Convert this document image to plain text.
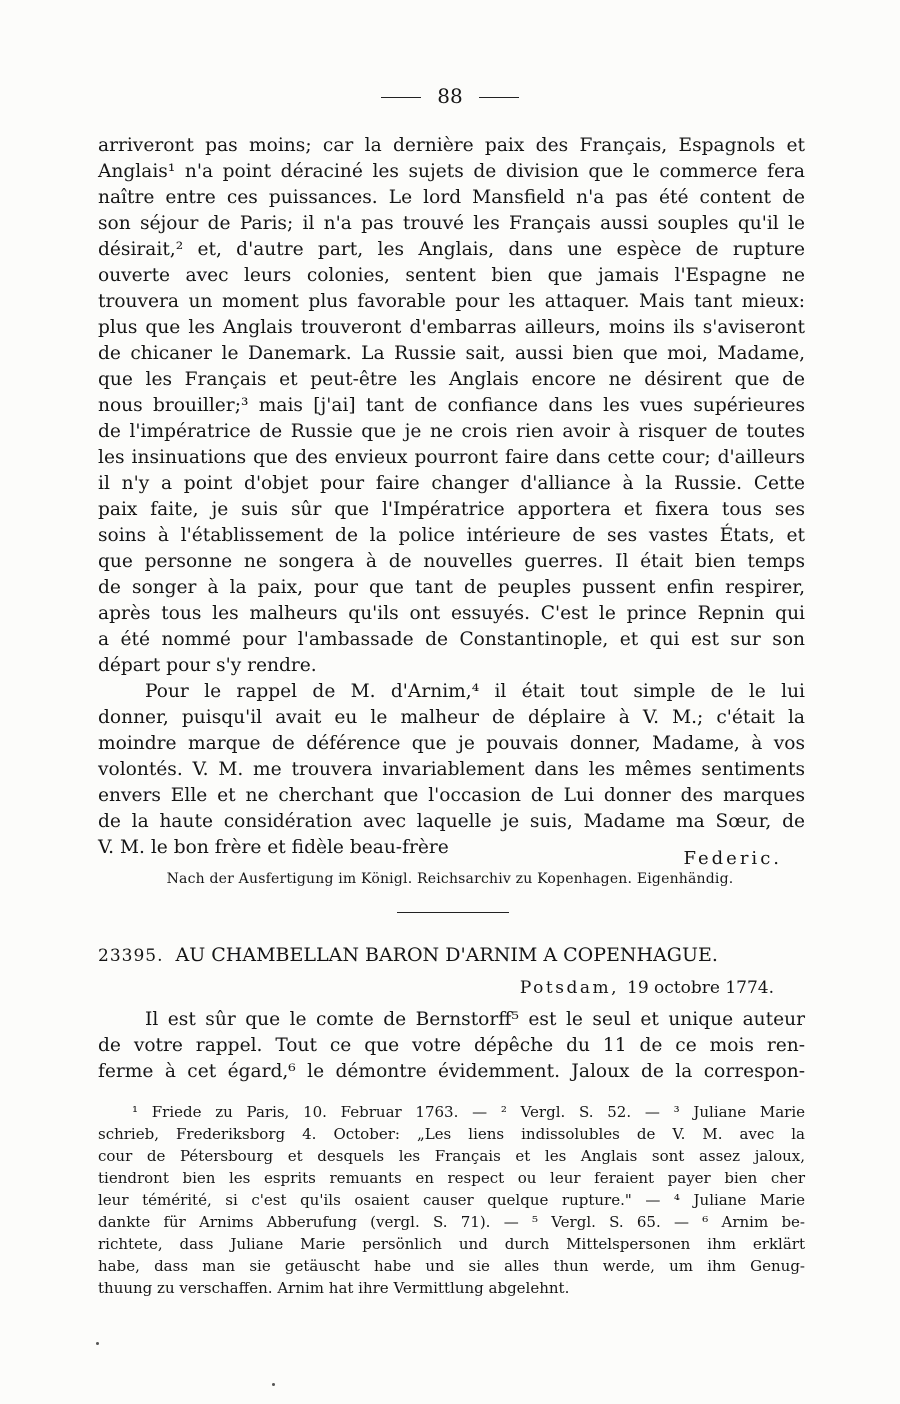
88

arriveront pas moins; car la dernière paix des Français, Espagnols et

Anglais¹ n'a point déraciné les sujets de division que le commerce fera

naître entre ces puissances. Le lord Mansfield n'a pas été content de

son séjour de Paris; il n'a pas trouvé les Français aussi souples qu'il le

désirait,² et, d'autre part, les Anglais, dans une espèce de rupture

ouverte avec leurs colonies, sentent bien que jamais l'Espagne ne

trouvera un moment plus favorable pour les attaquer. Mais tant mieux:

plus que les Anglais trouveront d'embarras ailleurs, moins ils s'aviseront

de chicaner le Danemark. La Russie sait, aussi bien que moi, Madame,

que les Français et peut-être les Anglais encore ne désirent que de

nous brouiller;³ mais [j'ai] tant de confiance dans les vues supérieures

de l'impératrice de Russie que je ne crois rien avoir à risquer de toutes

les insinuations que des envieux pourront faire dans cette cour; d'ailleurs

il n'y a point d'objet pour faire changer d'alliance à la Russie. Cette

paix faite, je suis sûr que l'Impératrice apportera et fixera tous ses

soins à l'établissement de la police intérieure de ses vastes États, et

que personne ne songera à de nouvelles guerres. Il était bien temps

de songer à la paix, pour que tant de peuples pussent enfin respirer,

après tous les malheurs qu'ils ont essuyés. C'est le prince Repnin qui

a été nommé pour l'ambassade de Constantinople, et qui est sur son

départ pour s'y rendre.

Pour le rappel de M. d'Arnim,⁴ il était tout simple de le lui

donner, puisqu'il avait eu le malheur de déplaire à V. M.; c'était la

moindre marque de déférence que je pouvais donner, Madame, à vos

volontés. V. M. me trouvera invariablement dans les mêmes sentiments

envers Elle et ne cherchant que l'occasion de Lui donner des marques

de la haute considération avec laquelle je suis, Madame ma Sœur, de

V. M. le bon frère et fidèle beau-frère

Federic.
Nach der Ausfertigung im Königl. Reichsarchiv zu Kopenhagen. Eigenhändig.
23395. AU CHAMBELLAN BARON D'ARNIM A COPENHAGUE.
Potsdam, 19 octobre 1774.

Il est sûr que le comte de Bernstorff⁵ est le seul et unique auteur

de votre rappel. Tout ce que votre dépêche du 11 de ce mois ren-

ferme à cet égard,⁶ le démontre évidemment. Jaloux de la correspon-

¹ Friede zu Paris, 10. Februar 1763. — ² Vergl. S. 52. — ³ Juliane Marie

schrieb, Frederiksborg 4. October: „Les liens indissolubles de V. M. avec la

cour de Pétersbourg et desquels les Français et les Anglais sont assez jaloux,

tiendront bien les esprits remuants en respect ou leur feraient payer bien cher

leur témérité, si c'est qu'ils osaient causer quelque rupture." — ⁴ Juliane Marie

dankte für Arnims Abberufung (vergl. S. 71). — ⁵ Vergl. S. 65. — ⁶ Arnim be-

richtete, dass Juliane Marie persönlich und durch Mittelspersonen ihm erklärt

habe, dass man sie getäuscht habe und sie alles thun werde, um ihm Genug-

thuung zu verschaffen. Arnim hat ihre Vermittlung abgelehnt.
